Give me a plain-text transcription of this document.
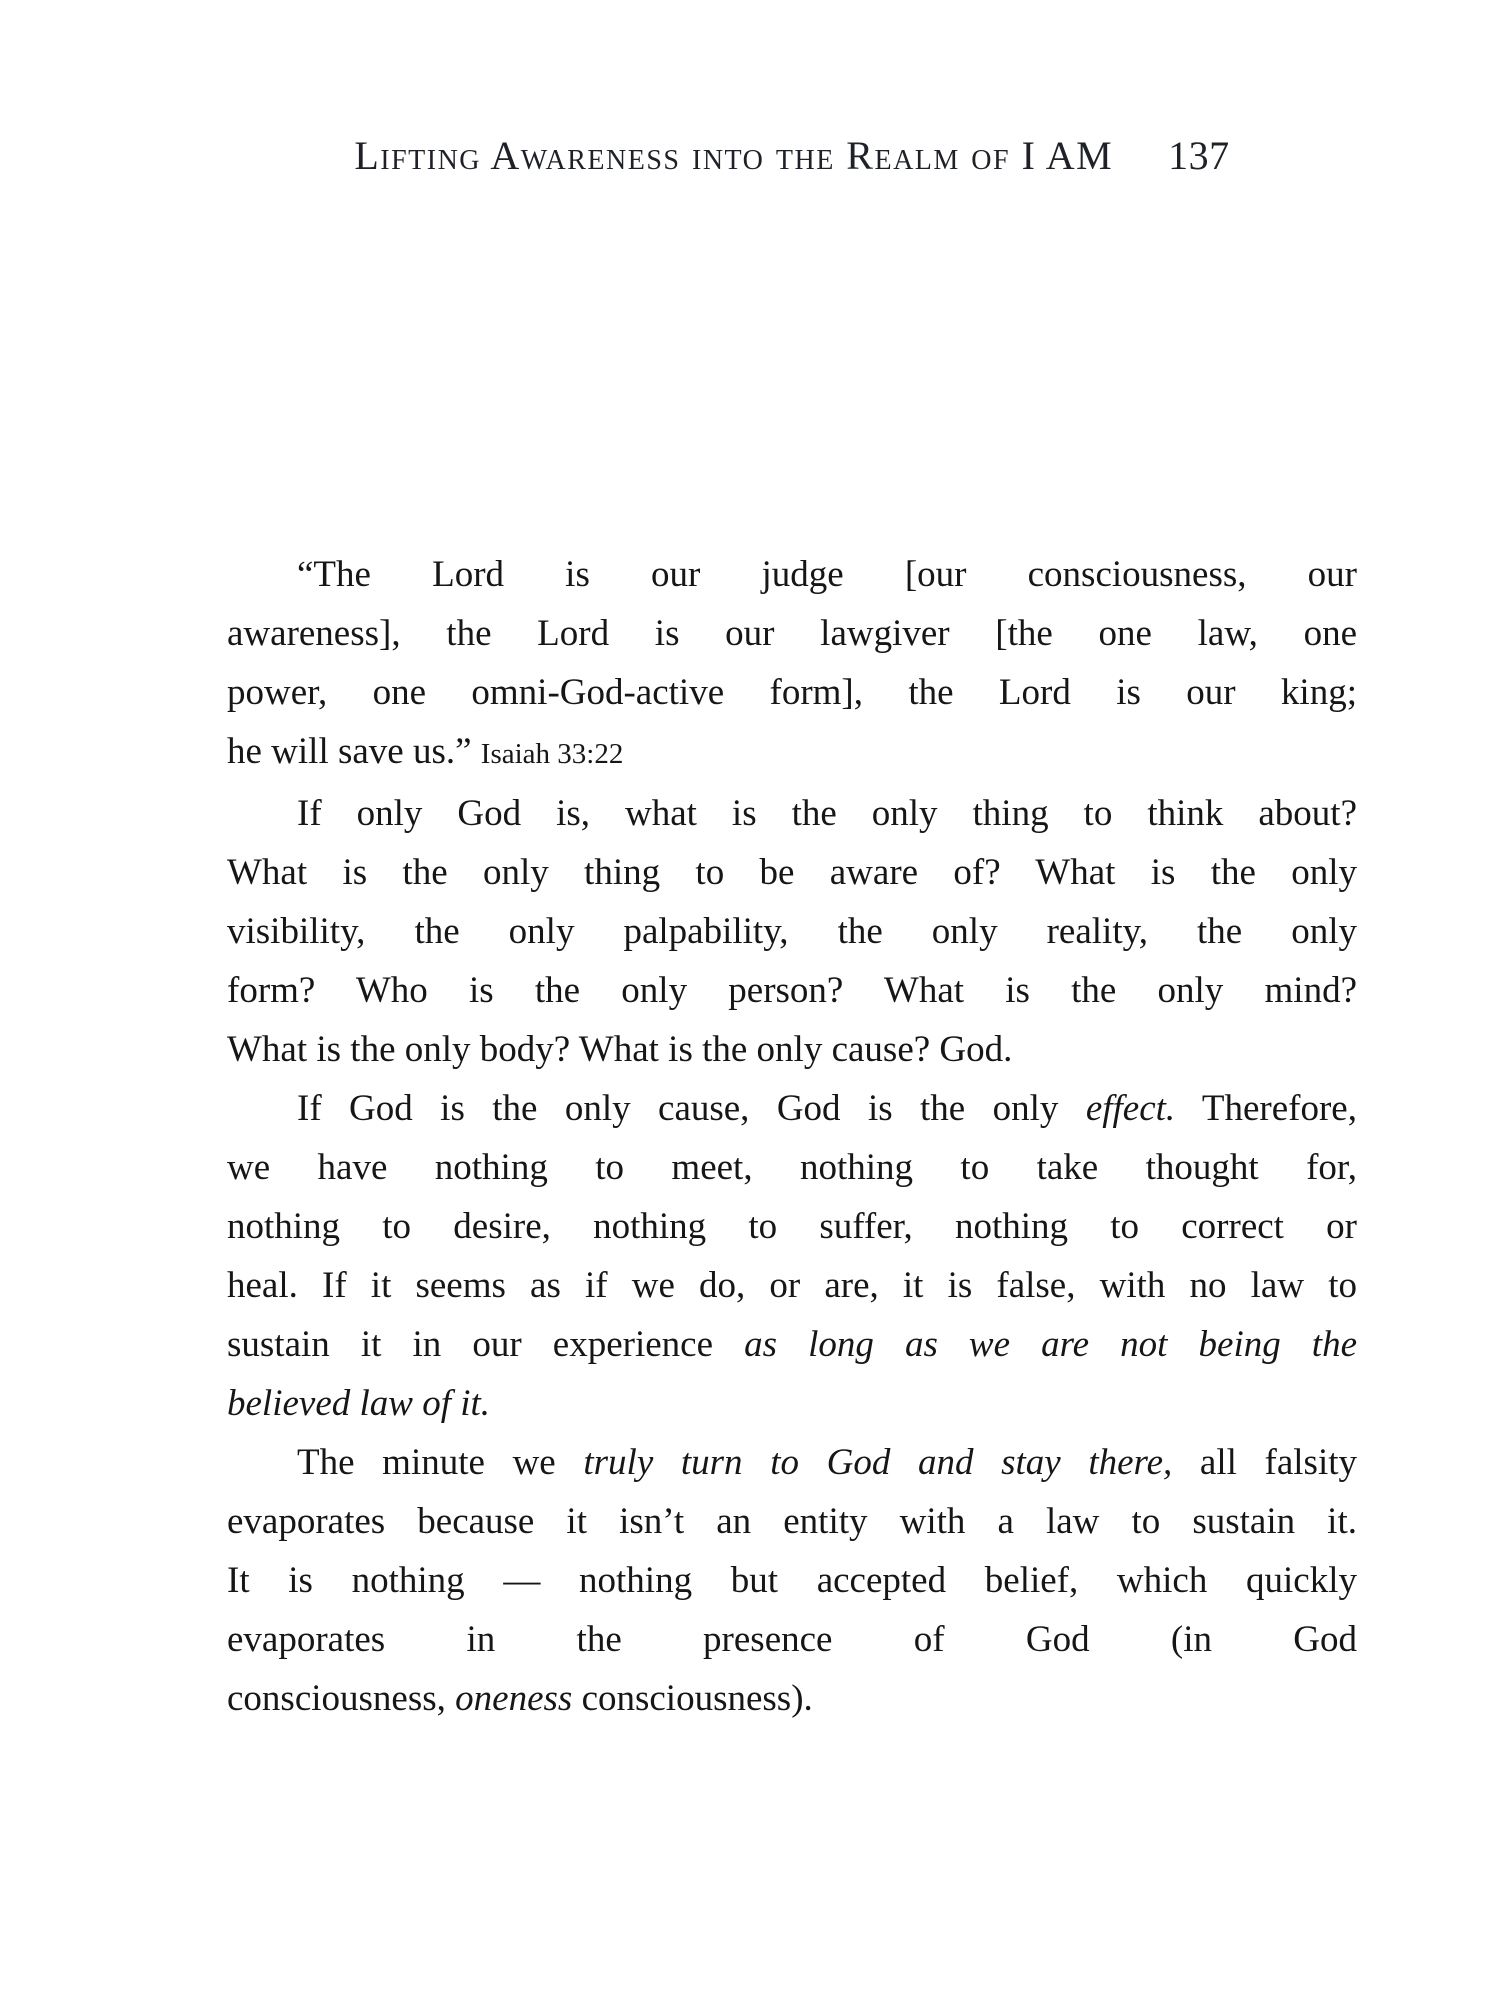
Lifting Awareness into the Realm of I AM 137
“The Lord is our judge [our consciousness, our
awareness], the Lord is our lawgiver [the one law, one
power, one omni-God-active form], the Lord is our king;
he will save us.” Isaiah 33:22
If only God is, what is the only thing to think about?
What is the only thing to be aware of? What is the only
visibility, the only palpability, the only reality, the only
form? Who is the only person? What is the only mind?
What is the only body? What is the only cause? God.
If God is the only cause, God is the only effect. Therefore,
we have nothing to meet, nothing to take thought for,
nothing to desire, nothing to suffer, nothing to correct or
heal. If it seems as if we do, or are, it is false, with no law to
sustain it in our experience as long as we are not being the
believed law of it.
The minute we truly turn to God and stay there, all falsity
evaporates because it isn’t an entity with a law to sustain it.
It is nothing — nothing but accepted belief, which quickly
evaporates in the presence of God (in God
consciousness, oneness consciousness).
